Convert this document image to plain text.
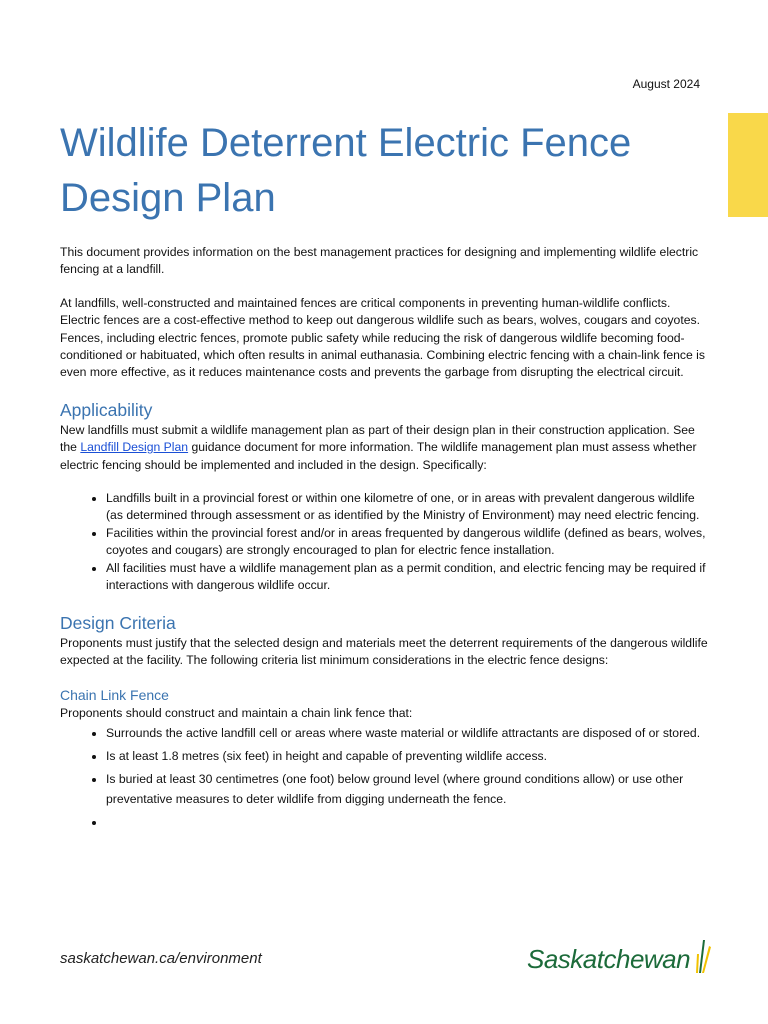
August 2024
Wildlife Deterrent Electric Fence
Design Plan

This document provides information on the best management practices for designing and implementing wildlife electric fencing at a landfill.

At landfills, well-constructed and maintained fences are critical components in preventing human-wildlife conflicts. Electric fences are a cost-effective method to keep out dangerous wildlife such as bears, wolves, cougars and coyotes. Fences, including electric fences, promote public safety while reducing the risk of dangerous wildlife becoming food-conditioned or habituated, which often results in animal euthanasia. Combining electric fencing with a chain-link fence is even more effective, as it reduces maintenance costs and prevents the garbage from disrupting the electrical circuit.

Applicability

New landfills must submit a wildlife management plan as part of their design plan in their construction application. See the Landfill Design Plan guidance document for more information. The wildlife management plan must assess whether electric fencing should be implemented and included in the design. Specifically:

• Landfills built in a provincial forest or within one kilometre of one, or in areas with prevalent dangerous wildlife (as determined through assessment or as identified by the Ministry of Environment) may need electric fencing.
• Facilities within the provincial forest and/or in areas frequented by dangerous wildlife (defined as bears, wolves, coyotes and cougars) are strongly encouraged to plan for electric fence installation.
• All facilities must have a wildlife management plan as a permit condition, and electric fencing may be required if interactions with dangerous wildlife occur.
Design Criteria

Proponents must justify that the selected design and materials meet the deterrent requirements of the dangerous wildlife expected at the facility. The following criteria list minimum considerations in the electric fence designs:

Chain Link Fence
Proponents should construct and maintain a chain link fence that:
• Surrounds the active landfill cell or areas where waste material or wildlife attractants are disposed of or stored.
• Is at least 1.8 metres (six feet) in height and capable of preventing wildlife access.
• Is buried at least 30 centimetres (one foot) below ground level (where ground conditions allow) or use other preventative measures to deter wildlife from digging underneath the fence.
•
saskatchewan.ca/environment	Saskatchewan
